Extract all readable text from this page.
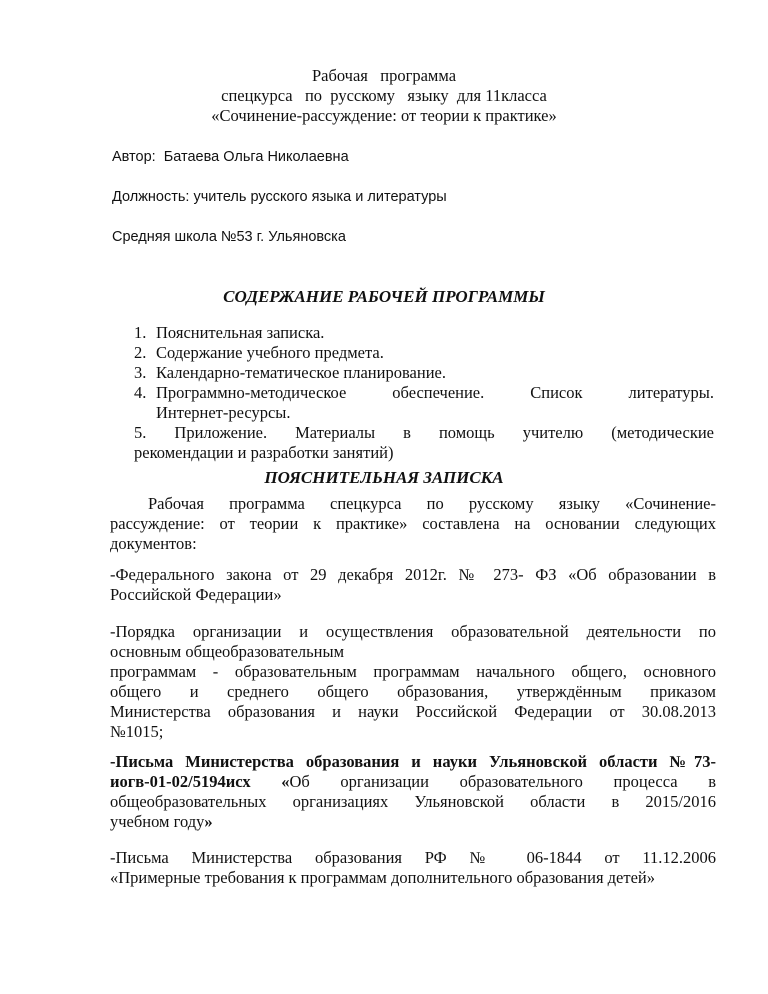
Рабочая   программа
спецкурса   по  русскому   языку  для 11класса
«Сочинение-рассуждение: от теории к практике»
Автор:  Батаева Ольга Николаевна
Должность: учитель русского языка и литературы
Средняя школа №53 г. Ульяновска
СОДЕРЖАНИЕ РАБОЧЕЙ ПРОГРАММЫ
1. Пояснительная записка.
2. Содержание учебного предмета.
3. Календарно-тематическое планирование.
4. Программно-методическое обеспечение. Список литературы.
Интернет-ресурсы.
5. Приложение. Материалы в помощь учителю (методические
рекомендации и разработки занятий)
ПОЯСНИТЕЛЬНАЯ ЗАПИСКА
Рабочая программа спецкурса по русскому языку «Сочинение-
рассуждение: от теории к практике» составлена на основании следующих
документов:
-Федерального закона от 29 декабря 2012г. № 273- ФЗ «Об образовании в
Российской Федерации»
-Порядка организации и осуществления образовательной деятельности по
основным общеобразовательным
программам - образовательным программам начального общего, основного
общего и среднего общего образования, утверждённым приказом
Министерства образования и науки Российской Федерации от 30.08.2013
№1015;
-Письма Министерства образования и науки Ульяновской области №73-
иогв-01-02/5194исх «Об организации образовательного процесса в
общеобразовательных организациях Ульяновской области в 2015/2016
учебном году»
-Письма Министерства образования РФ № 06-1844 от 11.12.2006
«Примерные требования к программам дополнительного образования детей»
